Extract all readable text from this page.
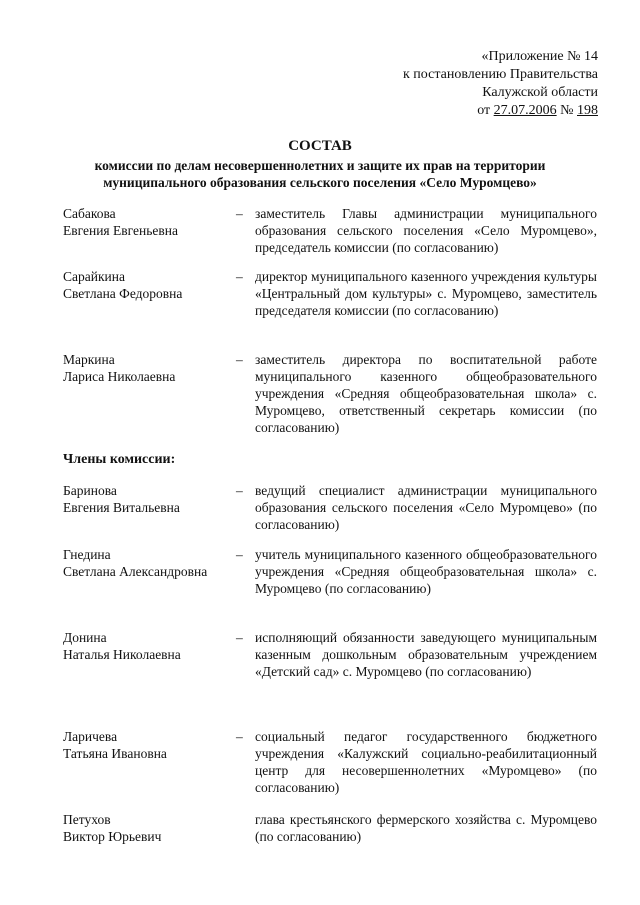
«Приложение № 14
к постановлению Правительства
Калужской области
от 27.07.2006 № 198
СОСТАВ
комиссии по делам несовершеннолетних и защите их прав на территории
муниципального образования сельского поселения «Село Муромцево»
Сабакова
Евгения Евгеньевна
– заместитель Главы администрации муниципального образования сельского поселения «Село Муромцево», председатель комиссии (по согласованию)
Сарайкина
Светлана Федоровна
– директор муниципального казенного учреждения культуры «Центральный дом культуры» с. Муромцево, заместитель председателя комиссии (по согласованию)
Маркина
Лариса Николаевна
– заместитель директора по воспитательной работе муниципального казенного общеобразовательного учреждения «Средняя общеобразовательная школа» с. Муромцево, ответственный секретарь комиссии (по согласованию)
Члены комиссии:
Баринова
Евгения Витальевна
– ведущий специалист администрации муниципального образования сельского поселения «Село Муромцево» (по согласованию)
Гнедина
Светлана Александровна
– учитель муниципального казенного общеобразовательного учреждения «Средняя общеобразовательная школа» с. Муромцево (по согласованию)
Донина
Наталья Николаевна
– исполняющий обязанности заведующего муниципальным казенным дошкольным образовательным учреждением «Детский сад» с. Муромцево (по согласованию)
Ларичева
Татьяна Ивановна
– социальный педагог государственного бюджетного учреждения «Калужский социально-реабилитационный центр для несовершеннолетних «Муромцево» (по согласованию)
Петухов
Виктор Юрьевич
глава крестьянского фермерского хозяйства с. Муромцево (по согласованию)
